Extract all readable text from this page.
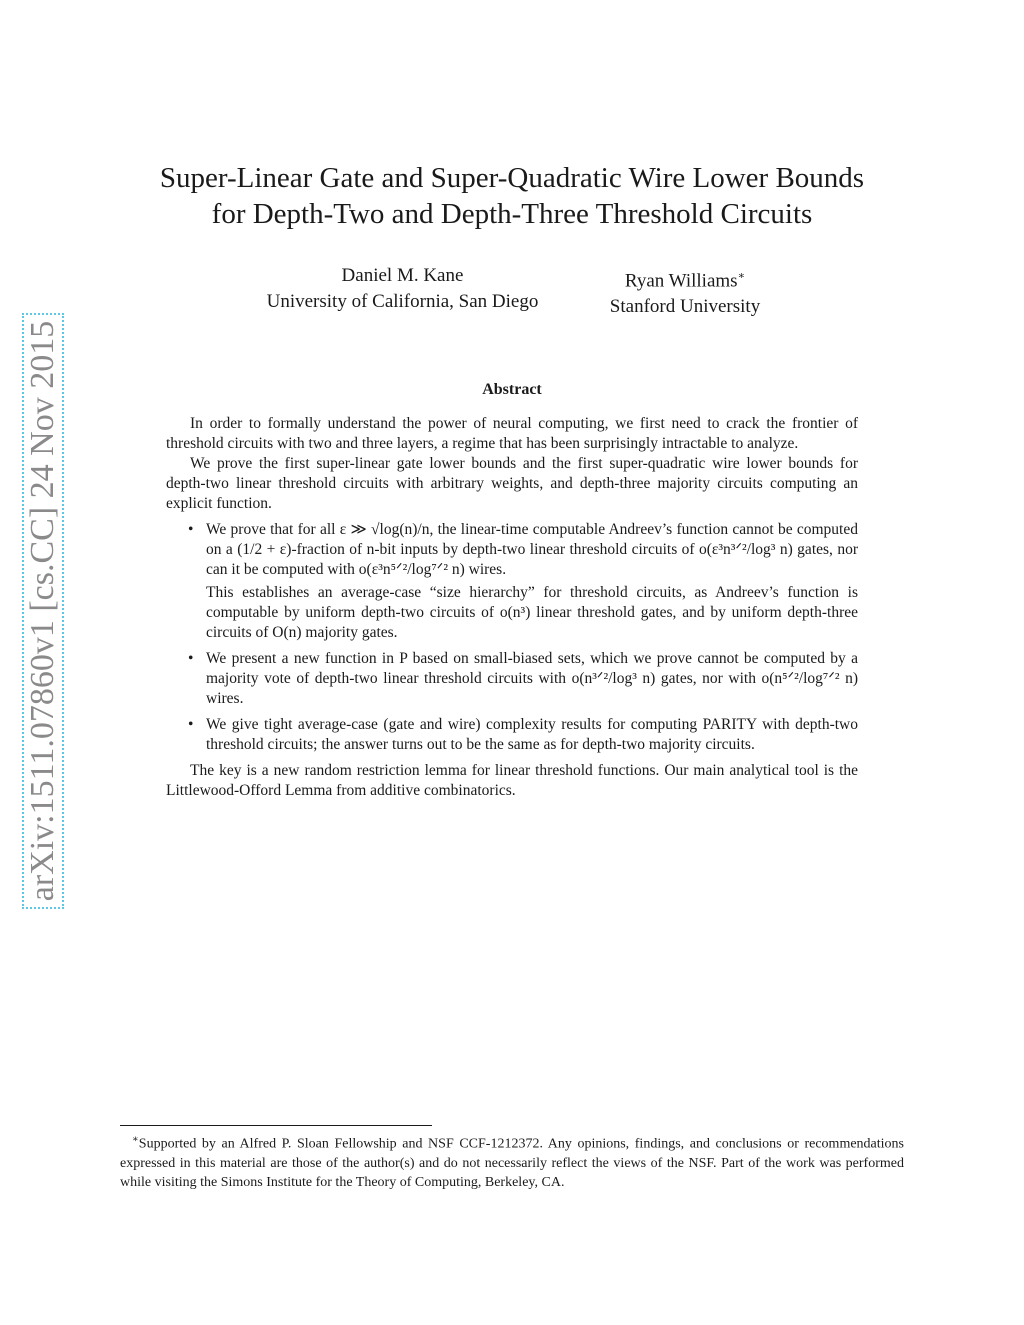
arXiv:1511.07860v1 [cs.CC] 24 Nov 2015
Super-Linear Gate and Super-Quadratic Wire Lower Bounds
for Depth-Two and Depth-Three Threshold Circuits
Daniel M. Kane
University of California, San Diego
Ryan Williams∗
Stanford University
Abstract

In order to formally understand the power of neural computing, we first need to crack the frontier of threshold circuits with two and three layers, a regime that has been surprisingly intractable to analyze.

We prove the first super-linear gate lower bounds and the first super-quadratic wire lower bounds for depth-two linear threshold circuits with arbitrary weights, and depth-three majority circuits computing an explicit function.

• We prove that for all ε ≫ √log(n)/n, the linear-time computable Andreev’s function cannot be computed on a (1/2 + ε)-fraction of n-bit inputs by depth-two linear threshold circuits of o(ε³n³ᐟ²/log³ n) gates, nor can it be computed with o(ε³n⁵ᐟ²/log⁷ᐟ² n) wires.
This establishes an average-case “size hierarchy” for threshold circuits, as Andreev’s function is computable by uniform depth-two circuits of o(n³) linear threshold gates, and by uniform depth-three circuits of O(n) majority gates.
• We present a new function in P based on small-biased sets, which we prove cannot be computed by a majority vote of depth-two linear threshold circuits with o(n³ᐟ²/log³ n) gates, nor with o(n⁵ᐟ²/log⁷ᐟ² n) wires.
• We give tight average-case (gate and wire) complexity results for computing PARITY with depth-two threshold circuits; the answer turns out to be the same as for depth-two majority circuits.

The key is a new random restriction lemma for linear threshold functions. Our main analytical tool is the Littlewood-Offord Lemma from additive combinatorics.

∗Supported by an Alfred P. Sloan Fellowship and NSF CCF-1212372. Any opinions, findings, and conclusions or recommendations expressed in this material are those of the author(s) and do not necessarily reflect the views of the NSF. Part of the work was performed while visiting the Simons Institute for the Theory of Computing, Berkeley, CA.
